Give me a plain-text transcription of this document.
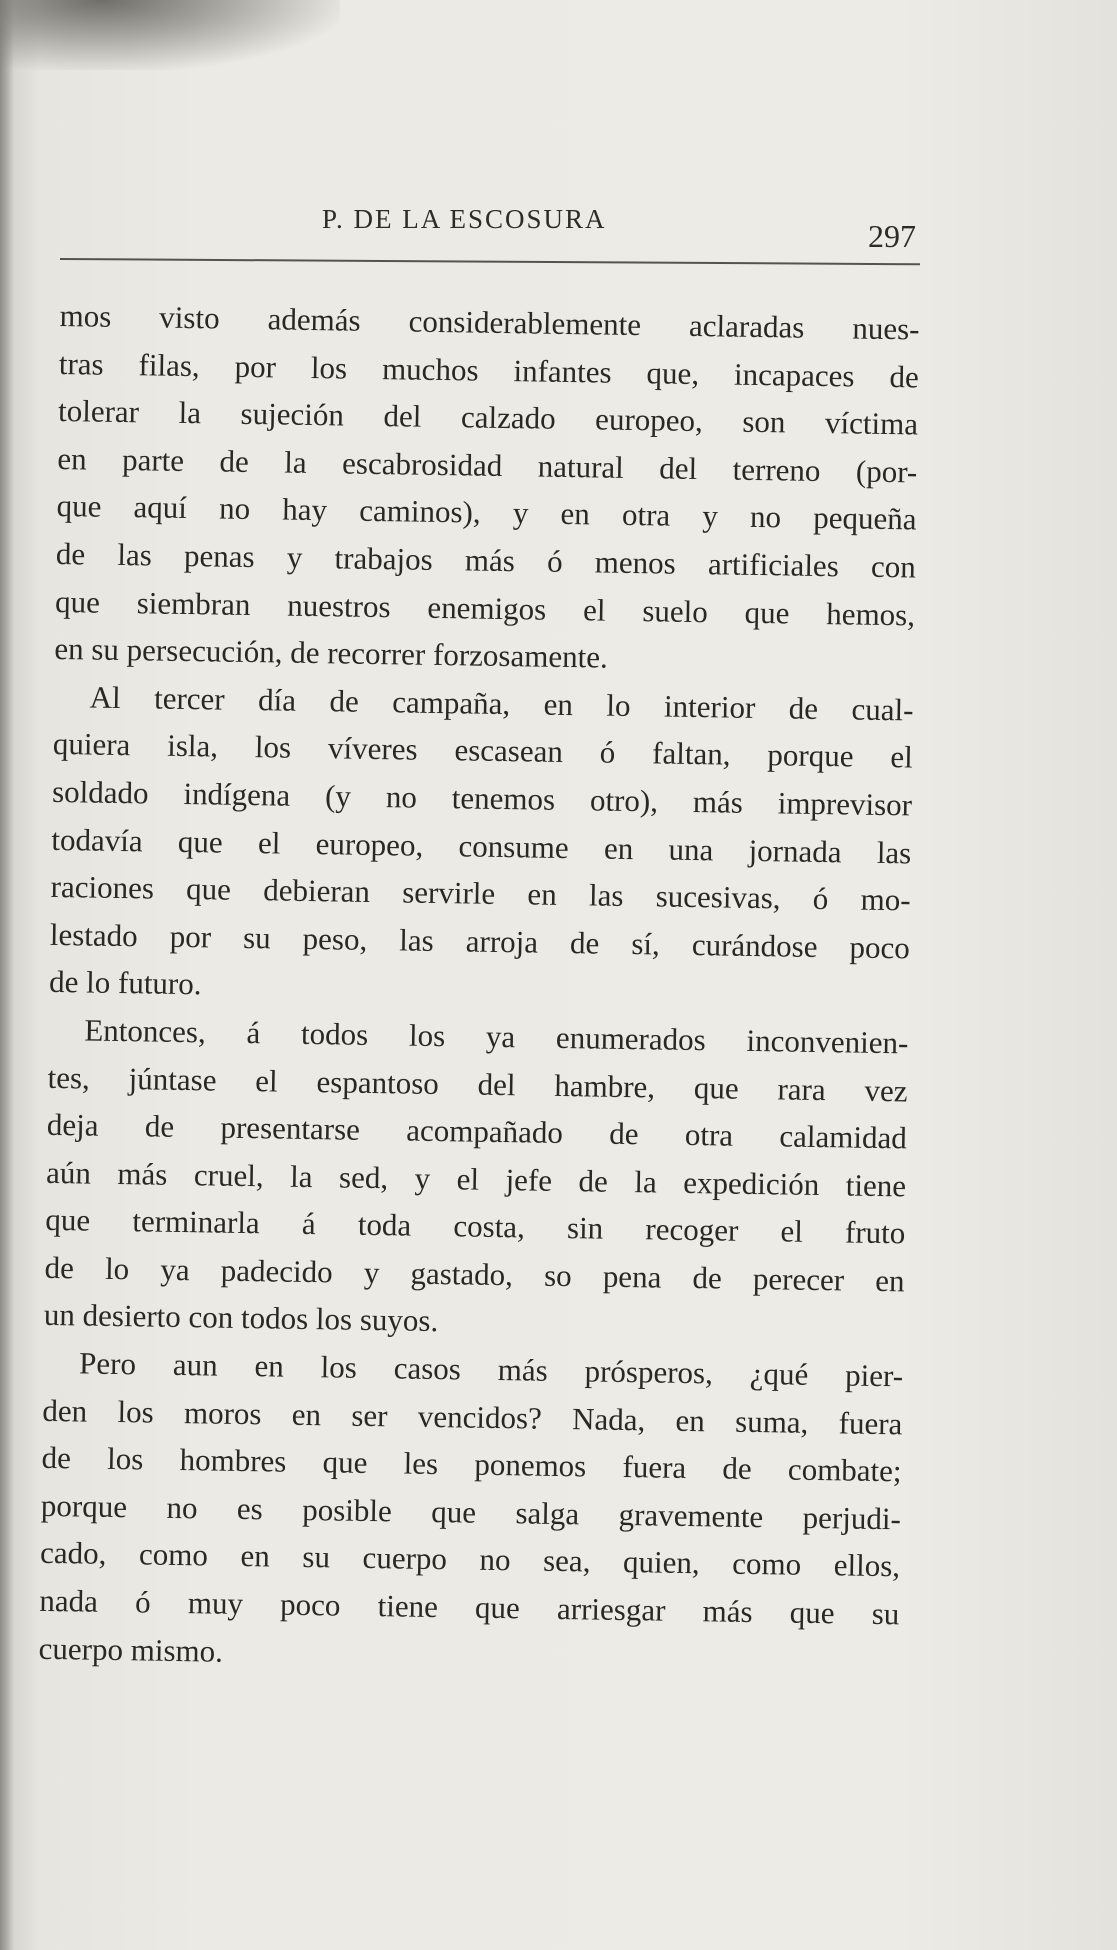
P. DE LA ESCOSURA	297
mos visto además considerablemente aclaradas nues-
tras filas, por los muchos infantes que, incapaces de
tolerar la sujeción del calzado europeo, son víctima
en parte de la escabrosidad natural del terreno (por-
que aquí no hay caminos), y en otra y no pequeña
de las penas y trabajos más ó menos artificiales con
que siembran nuestros enemigos el suelo que hemos,
en su persecución, de recorrer forzosamente.
Al tercer día de campaña, en lo interior de cual-
quiera isla, los víveres escasean ó faltan, porque el
soldado indígena (y no tenemos otro), más imprevisor
todavía que el europeo, consume en una jornada las
raciones que debieran servirle en las sucesivas, ó mo-
lestado por su peso, las arroja de sí, curándose poco
de lo futuro.
Entonces, á todos los ya enumerados inconvenien-
tes, júntase el espantoso del hambre, que rara vez
deja de presentarse acompañado de otra calamidad
aún más cruel, la sed, y el jefe de la expedición tiene
que terminarla á toda costa, sin recoger el fruto
de lo ya padecido y gastado, so pena de perecer en
un desierto con todos los suyos.
Pero aun en los casos más prósperos, ¿qué pier-
den los moros en ser vencidos? Nada, en suma, fuera
de los hombres que les ponemos fuera de combate;
porque no es posible que salga gravemente perjudi-
cado, como en su cuerpo no sea, quien, como ellos,
nada ó muy poco tiene que arriesgar más que su
cuerpo mismo.
